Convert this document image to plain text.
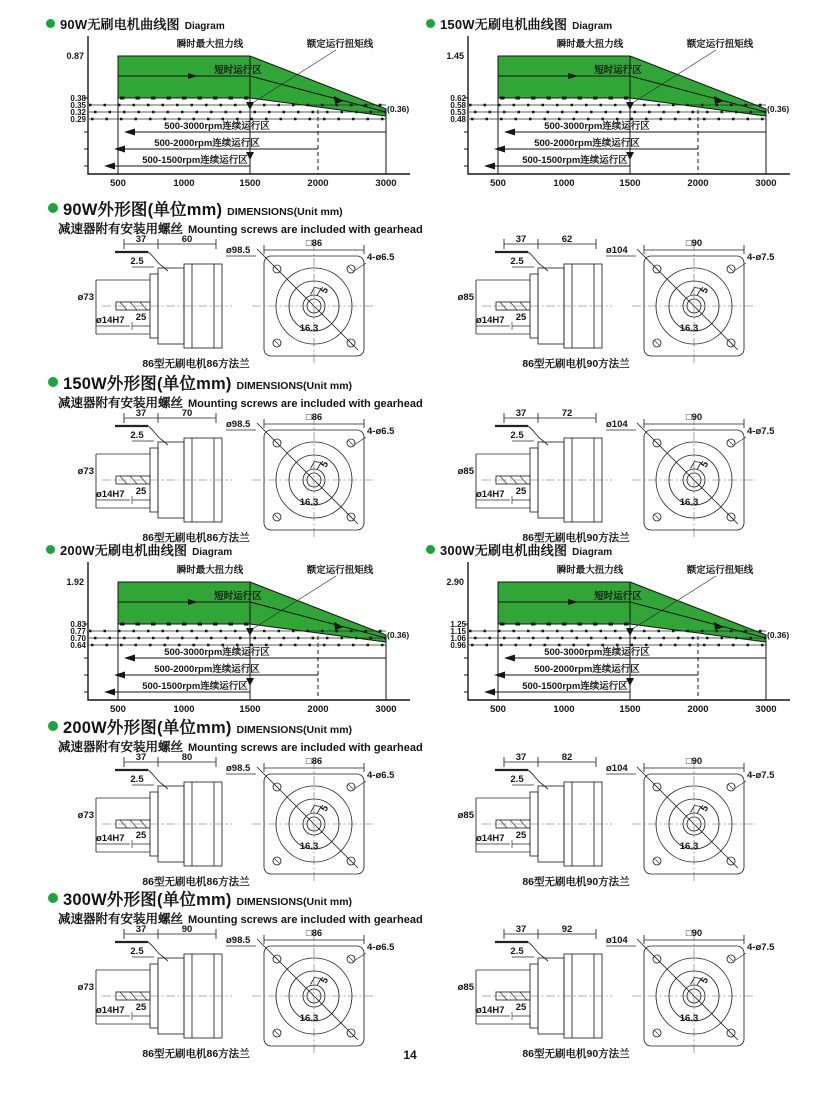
90W无刷电机曲线图 Diagram	150W无刷电机曲线图 Diagram
0.87
0.38
0.35
0.32
0.29
瞬时最大扭力线
短时运行区
额定运行扭矩线
(0.36)
500-3000rpm连续运行区
500-2000rpm连续运行区
500-1500rpm连续运行区
500	1000	1500	2000	3000
1.45
0.62
0.58
0.53
0.48
瞬时最大扭力线
短时运行区
额定运行扭矩线
(0.36)
500-3000rpm连续运行区
500-2000rpm连续运行区
500-1500rpm连续运行区
500	1000	1500	2000	3000
90W外形图(单位mm) DIMENSIONS(Unit mm)
减速器附有安装用螺丝 Mounting screws are included with gearhead
37	60
2.5
ø73
ø14H7 25
□86
ø98.5
4-ø6.5
5
16.3
86型无刷电机86方法兰
37	62
2.5
ø85
ø14H7 25
□90
ø104
4-ø7.5
5
16.3
86型无刷电机90方法兰
150W外形图(单位mm) DIMENSIONS(Unit mm)
减速器附有安装用螺丝 Mounting screws are included with gearhead
37	70
2.5
ø73
ø14H7 25
□86
ø98.5
4-ø6.5
5
16.3
86型无刷电机86方法兰
37	72
2.5
ø85
ø14H7 25
□90
ø104
4-ø7.5
5
16.3
86型无刷电机90方法兰
200W无刷电机曲线图 Diagram	300W无刷电机曲线图 Diagram
1.92
0.83
0.77
0.70
0.64
瞬时最大扭力线
短时运行区
额定运行扭矩线
(0.36)
500-3000rpm连续运行区
500-2000rpm连续运行区
500-1500rpm连续运行区
500	1000	1500	2000	3000
2.90
1.25
1.15
1.06
0.96
瞬时最大扭力线
短时运行区
额定运行扭矩线
(0.36)
500-3000rpm连续运行区
500-2000rpm连续运行区
500-1500rpm连续运行区
500	1000	1500	2000	3000
200W外形图(单位mm) DIMENSIONS(Unit mm)
减速器附有安装用螺丝 Mounting screws are included with gearhead
37	80
2.5
ø73
ø14H7 25
□86
ø98.5
4-ø6.5
5
16.3
86型无刷电机86方法兰
37	82
2.5
ø85
ø14H7 25
□90
ø104
4-ø7.5
5
16.3
86型无刷电机90方法兰
300W外形图(单位mm) DIMENSIONS(Unit mm)
减速器附有安装用螺丝 Mounting screws are included with gearhead
37	90
2.5
ø73
ø14H7 25
□86
ø98.5
4-ø6.5
5
16.3
86型无刷电机86方法兰
37	92
2.5
ø85
ø14H7 25
□90
ø104
4-ø7.5
5
16.3
86型无刷电机90方法兰
14
